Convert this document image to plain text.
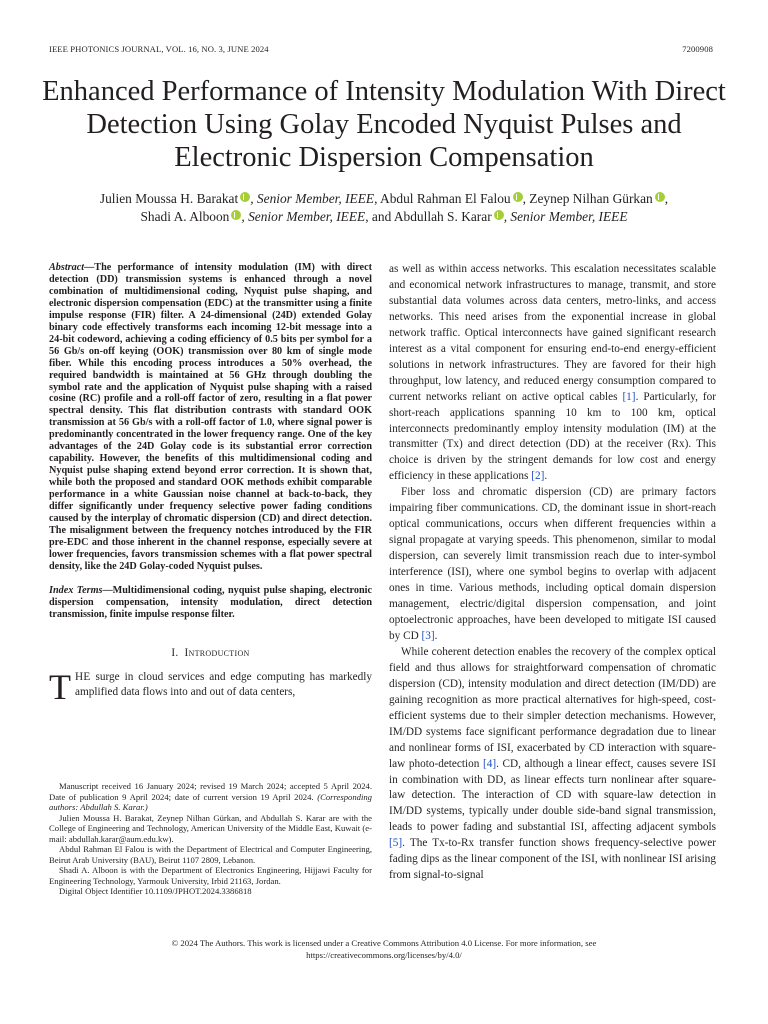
IEEE PHOTONICS JOURNAL, VOL. 16, NO. 3, JUNE 2024	7200908
Enhanced Performance of Intensity Modulation With Direct Detection Using Golay Encoded Nyquist Pulses and Electronic Dispersion Compensation
Julien Moussa H. Barakat , Senior Member, IEEE, Abdul Rahman El Falou , Zeynep Nilhan Gürkan ,
Shadi A. Alboon , Senior Member, IEEE, and Abdullah S. Karar , Senior Member, IEEE

Abstract—The performance of intensity modulation (IM) with direct detection (DD) transmission systems is enhanced through a novel combination of multidimensional coding, Nyquist pulse shaping, and electronic dispersion compensation (EDC) at the transmitter using a finite impulse response (FIR) filter. A 24-dimensional (24D) extended Golay binary code effectively transforms each incoming 12-bit message into a 24-bit codeword, achieving a coding efficiency of 0.5 bits per symbol for a 56 Gb/s on-off keying (OOK) transmission over 80 km of single mode fiber. While this encoding process introduces a 50% overhead, the required bandwidth is maintained at 56 GHz through doubling the symbol rate and the application of Nyquist pulse shaping with a raised cosine (RC) profile and a roll-off factor of zero, resulting in a flat power spectral density. This flat distribution contrasts with standard OOK transmission at 56 Gb/s with a roll-off factor of 1.0, where signal power is predominantly concentrated in the lower frequency range. One of the key advantages of the 24D Golay code is its substantial error correction capability. However, the benefits of this multidimensional coding and Nyquist pulse shaping extend beyond error correction. It is shown that, while both the proposed and standard OOK methods exhibit comparable performance in a white Gaussian noise channel at back-to-back, they differ significantly under frequency selective power fading conditions caused by the interplay of chromatic dispersion (CD) and direct detection. The misalignment between the frequency notches introduced by the FIR pre-EDC and those inherent in the channel response, especially severe at lower frequencies, favors transmission schemes with a flat power spectral density, like the 24D Golay-coded Nyquist pulses.

Index Terms—Multidimensional coding, nyquist pulse shaping, electronic dispersion compensation, intensity modulation, direct detection transmission, finite impulse response filter.

I. Introduction

THE surge in cloud services and edge computing has markedly amplified data flows into and out of data centers,

Manuscript received 16 January 2024; revised 19 March 2024; accepted 5 April 2024. Date of publication 9 April 2024; date of current version 19 April 2024. (Corresponding authors: Abdullah S. Karar.)

Julien Moussa H. Barakat, Zeynep Nilhan Gürkan, and Abdullah S. Karar are with the College of Engineering and Technology, American University of the Middle East, Kuwait (e-mail: abdullah.karar@aum.edu.kw).

Abdul Rahman El Falou is with the Department of Electrical and Computer Engineering, Beirut Arab University (BAU), Beirut 1107 2809, Lebanon.

Shadi A. Alboon is with the Department of Electronics Engineering, Hijjawi Faculty for Engineering Technology, Yarmouk University, Irbid 21163, Jordan.

Digital Object Identifier 10.1109/JPHOT.2024.3386818

as well as within access networks. This escalation necessitates scalable and economical network infrastructures to manage, transmit, and store substantial data volumes across data centers, metro-links, and access networks. This need arises from the exponential increase in global network traffic. Optical interconnects have gained significant research interest as a vital component for ensuring end-to-end energy-efficient solutions in network infrastructures. They are favored for their high throughput, low latency, and reduced energy consumption compared to current networks reliant on active optical cables [1]. Particularly, for short-reach applications spanning 10 km to 100 km, optical interconnects predominantly employ intensity modulation (IM) at the transmitter (Tx) and direct detection (DD) at the receiver (Rx). This choice is driven by the stringent demands for low cost and energy efficiency in these applications [2].

Fiber loss and chromatic dispersion (CD) are primary factors impairing fiber communications. CD, the dominant issue in short-reach optical communications, occurs when different frequencies within a signal propagate at varying speeds. This phenomenon, similar to modal dispersion, can severely limit transmission reach due to inter-symbol interference (ISI), where one symbol begins to overlap with adjacent ones in time. Various methods, including optical domain dispersion management, electric/digital dispersion compensation, and joint optoelectronic approaches, have been developed to mitigate ISI caused by CD [3].

While coherent detection enables the recovery of the complex optical field and thus allows for straightforward compensation of chromatic dispersion (CD), intensity modulation and direct detection (IM/DD) are gaining recognition as more practical alternatives for high-speed, cost-efficient systems due to their simpler detection mechanisms. However, IM/DD systems face significant performance degradation due to linear and nonlinear forms of ISI, exacerbated by CD interaction with square-law photo-detection [4]. CD, although a linear effect, causes severe ISI in combination with DD, as linear effects turn nonlinear after square-law detection. The interaction of CD with square-law detection in IM/DD systems, typically under double side-band signal transmission, leads to power fading and substantial ISI, affecting adjacent symbols [5]. The Tx-to-Rx transfer function shows frequency-selective power fading dips as the linear component of the ISI, with nonlinear ISI arising from signal-to-signal

© 2024 The Authors. This work is licensed under a Creative Commons Attribution 4.0 License. For more information, see
https://creativecommons.org/licenses/by/4.0/
